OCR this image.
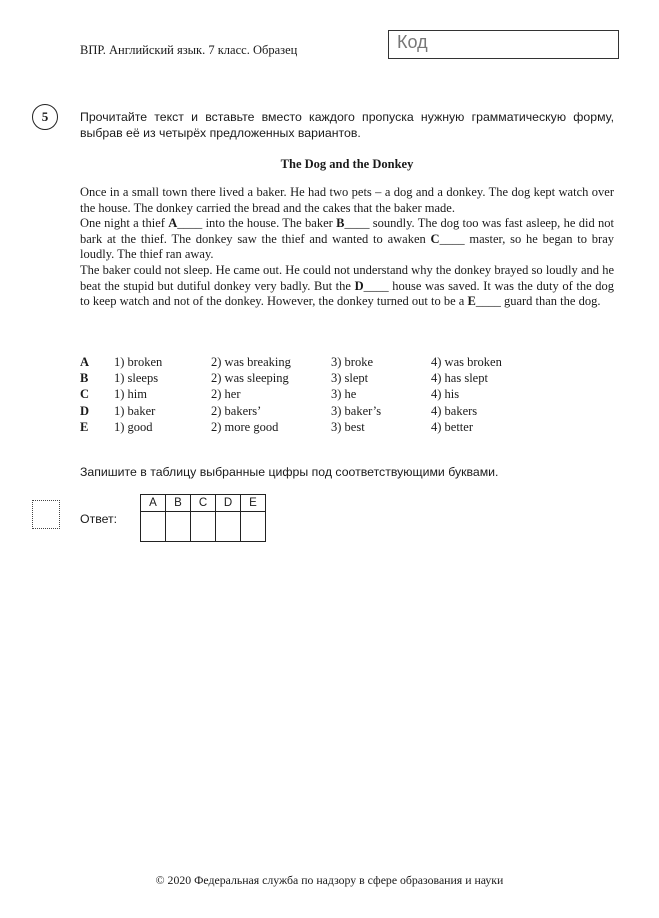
ВПР. Английский язык. 7 класс. Образец	Код
5	Прочитайте текст и вставьте вместо каждого пропуска нужную грамматическую форму, выбрав её из четырёх предложенных вариантов.
The Dog and the Donkey

Once in a small town there lived a baker. He had two pets – a dog and a donkey. The dog kept watch over the house. The donkey carried the bread and the cakes that the baker made.

One night a thief A____ into the house. The baker B____ soundly. The dog too was fast asleep, he did not bark at the thief. The donkey saw the thief and wanted to awaken C____ master, so he began to bray loudly. The thief ran away.

The baker could not sleep. He came out. He could not understand why the donkey brayed so loudly and he beat the stupid but dutiful donkey very badly. But the D____ house was saved. It was the duty of the dog to keep watch and not of the donkey. However, the donkey turned out to be a E____ guard than the dog.

A	1) broken	2) was breaking	3) broke	4) was broken
B	1) sleeps	2) was sleeping	3) slept	4) has slept
C	1) him	2) her	3) he	4) his
D	1) baker	2) bakers’	3) baker’s	4) bakers
E	1) good	2) more good	3) best	4) better
Запишите в таблицу выбранные цифры под соответствующими буквами.
Ответ:
A	B	C	D	E

© 2020 Федеральная служба по надзору в сфере образования и науки
